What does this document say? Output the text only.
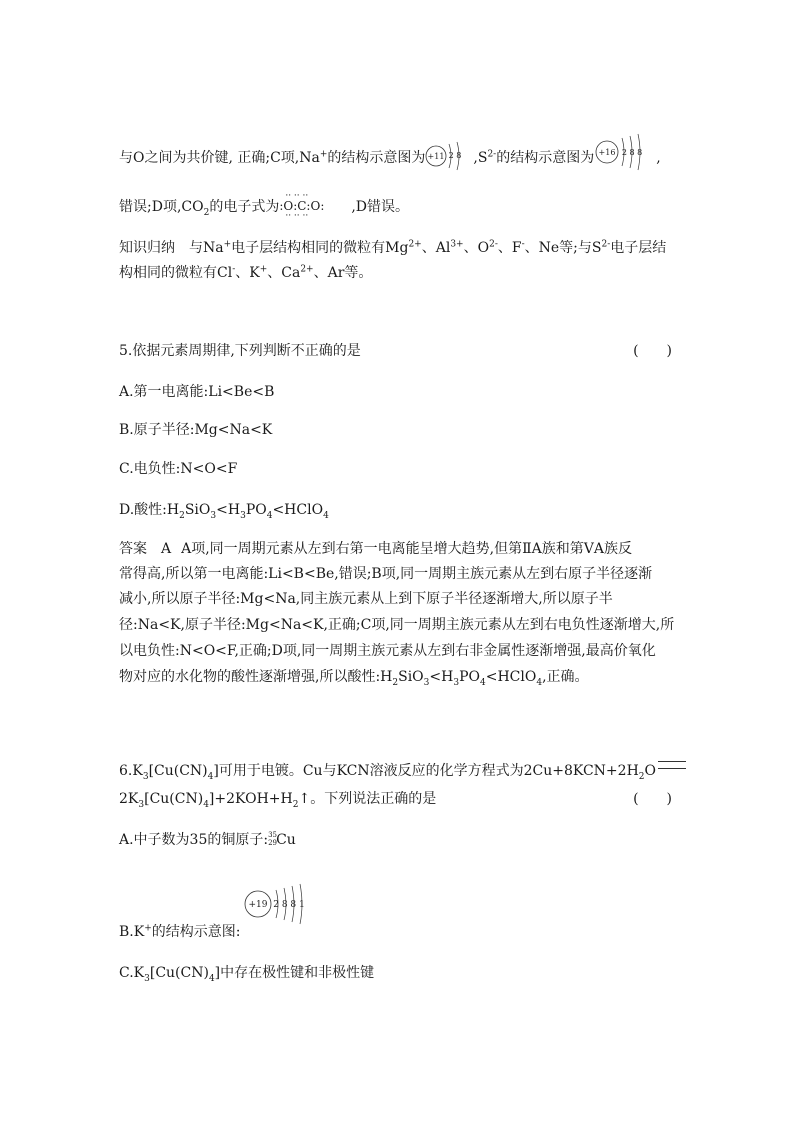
与O之间为共价键, 正确;C项,Na+的结构示意图为 +11 2 8 $,S^{2-}$的结构示意图为 +16 2 8 8 ,
错误;D项$,CO_2$的电子式为
·· ·· ··
:O:C:O:
·· ·· ··
,D错误。
知识归纳 与Na+电子层结构相同的微粒有$Mg^{2+}$、$Al^{3+}$、$O^{2-}$、F-、Ne等;与$S^{2-}$电子层结
构相同的微粒有Cl-、K+、$Ca^{2+}$、Ar等。
5.依据元素周期律,下列判断不正确的是	(　　)
A.第一电离能:Li<Be<B
B.原子半径:Mg<Na<K
C.电负性:N<O<F
D.酸性$:H_2SiO_3<H_3PO_4<HClO_4$
答案 A A项,同一周期元素从左到右第一电离能呈增大趋势,但第ⅡA族和第ⅤA族反
常得高,所以第一电离能:Li<B<Be,错误;B项,同一周期主族元素从左到右原子半径逐渐
减小,所以原子半径:Mg<Na,同主族元素从上到下原子半径逐渐增大,所以原子半
径:Na<K,原子半径:Mg<Na<K,正确;C项,同一周期主族元素从左到右电负性逐渐增大,所
以电负性:N<O<F,正确;D项,同一周期主族元素从左到右非金属性逐渐增强,最高价氧化
物对应的水化物的酸性逐渐增强,所以酸性$:H_2SiO_3<H_3PO_4<HClO_4$,正确。
$6.K_3[Cu(CN)_4]$可用于电镀。Cu与KCN溶液反应的化学方程式为$2Cu+8KCN+2H_2O$
$2K_3[Cu(CN)_4]+2KOH+H_2↑$。下列说法正确的是	(　　)
A.中子数为35的铜原子: 35
29 Cu
+19 2 8 8 1
B.K+的结构示意图:
$C.K_3[Cu(CN)_4]$中存在极性键和非极性键
